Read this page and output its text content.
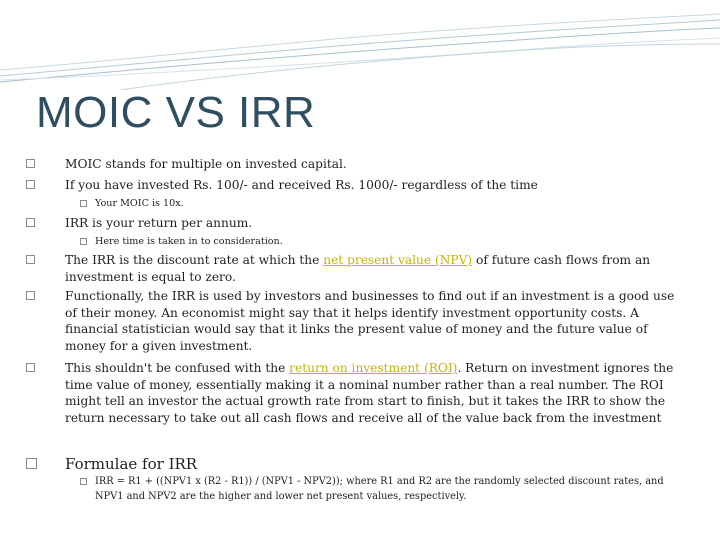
MOIC VS IRR
MOIC stands for multiple on invested capital.
If you have invested Rs. 100/- and received Rs. 1000/- regardless of the time
Your MOIC is 10x.
IRR is your return per annum.
Here time is taken in to consideration.
The IRR is the discount rate at which the net present value (NPV) of future cash flows from an investment is equal to zero.
Functionally, the IRR is used by investors and businesses to find out if an investment is a good use of their money. An economist might say that it helps identify investment opportunity costs. A financial statistician would say that it links the present value of money and the future value of money for a given investment.
This shouldn't be confused with the return on investment (ROI). Return on investment ignores the time value of money, essentially making it a nominal number rather than a real number. The ROI might tell an investor the actual growth rate from start to finish, but it takes the IRR to show the return necessary to take out all cash flows and receive all of the value back from the investment
Formulae for IRR
IRR = R1 + ((NPV1 x (R2 - R1)) / (NPV1 - NPV2)); where R1 and R2 are the randomly selected discount rates, and NPV1 and NPV2 are the higher and lower net present values, respectively.
